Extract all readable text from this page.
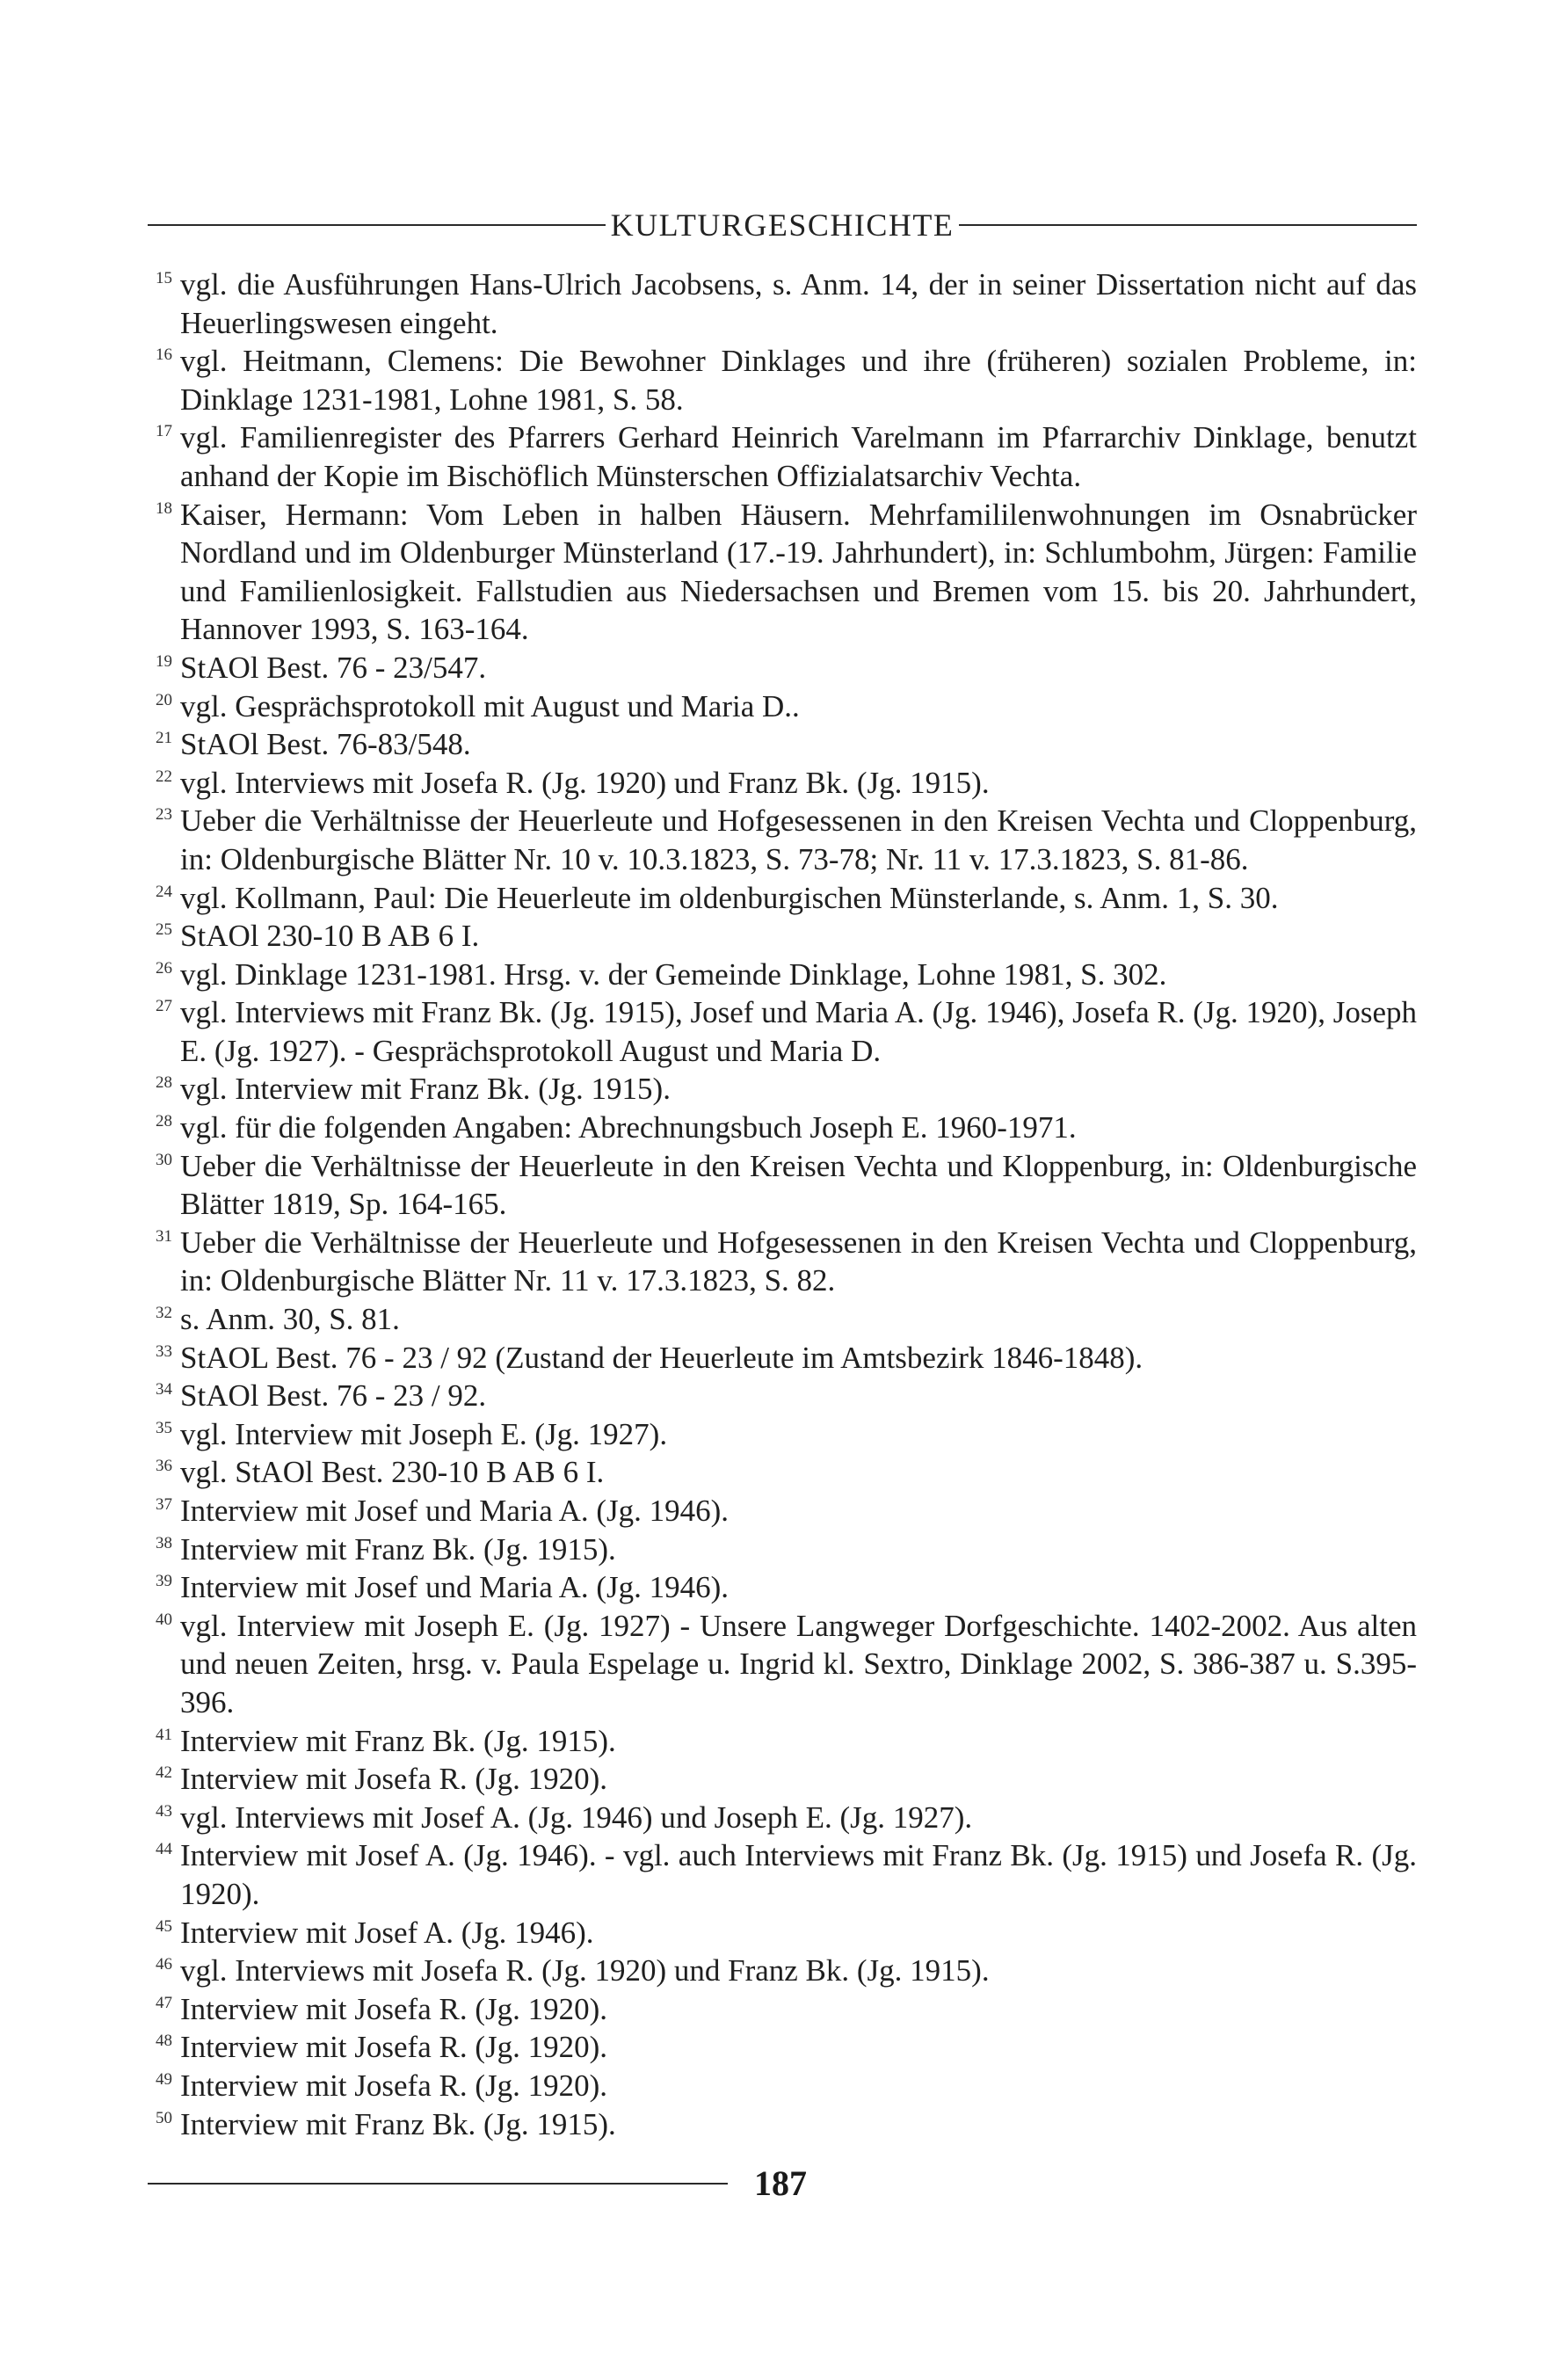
KULTURGESCHICHTE
15 vgl. die Ausführungen Hans-Ulrich Jacobsens, s. Anm. 14, der in seiner Dissertation nicht auf das Heuerlingswesen eingeht.
16 vgl. Heitmann, Clemens: Die Bewohner Dinklages und ihre (früheren) sozialen Probleme, in: Dinklage 1231-1981, Lohne 1981, S. 58.
17 vgl. Familienregister des Pfarrers Gerhard Heinrich Varelmann im Pfarrarchiv Dinklage, benutzt anhand der Kopie im Bischöflich Münsterschen Offizialatsarchiv Vechta.
18 Kaiser, Hermann: Vom Leben in halben Häusern. Mehrfamililenwohnungen im Osnabrücker Nordland und im Oldenburger Münsterland (17.-19. Jahrhundert), in: Schlumbohm, Jürgen: Familie und Familienlosigkeit. Fallstudien aus Niedersachsen und Bremen vom 15. bis 20. Jahrhundert, Hannover 1993, S. 163-164.
19 StAOl Best. 76 - 23/547.
20 vgl. Gesprächsprotokoll mit August und Maria D..
21 StAOl Best. 76-83/548.
22 vgl. Interviews mit Josefa R. (Jg. 1920) und Franz Bk. (Jg. 1915).
23 Ueber die Verhältnisse der Heuerleute und Hofgesessenen in den Kreisen Vechta und Cloppenburg, in: Oldenburgische Blätter Nr. 10 v. 10.3.1823, S. 73-78; Nr. 11 v. 17.3.1823, S. 81-86.
24 vgl. Kollmann, Paul: Die Heuerleute im oldenburgischen Münsterlande, s. Anm. 1, S. 30.
25 StAOl 230-10 B AB 6 I.
26 vgl. Dinklage 1231-1981. Hrsg. v. der Gemeinde Dinklage, Lohne 1981, S. 302.
27 vgl. Interviews mit Franz Bk. (Jg. 1915), Josef und Maria A. (Jg. 1946), Josefa R. (Jg. 1920), Joseph E. (Jg. 1927). - Gesprächsprotokoll August und Maria D.
28 vgl. Interview mit Franz Bk. (Jg. 1915).
28 vgl. für die folgenden Angaben: Abrechnungsbuch Joseph E. 1960-1971.
30 Ueber die Verhältnisse der Heuerleute in den Kreisen Vechta und Kloppenburg, in: Oldenburgische Blätter 1819, Sp. 164-165.
31 Ueber die Verhältnisse der Heuerleute und Hofgesessenen in den Kreisen Vechta und Cloppenburg, in: Oldenburgische Blätter Nr. 11 v. 17.3.1823, S. 82.
32 s. Anm. 30, S. 81.
33 StAOL Best. 76 - 23 / 92 (Zustand der Heuerleute im Amtsbezirk 1846-1848).
34 StAOl Best. 76 - 23 / 92.
35 vgl. Interview mit Joseph E. (Jg. 1927).
36 vgl. StAOl Best. 230-10 B AB 6 I.
37 Interview mit Josef und Maria A. (Jg. 1946).
38 Interview mit Franz Bk. (Jg. 1915).
39 Interview mit Josef und Maria A. (Jg. 1946).
40 vgl. Interview mit Joseph E. (Jg. 1927) - Unsere Langweger Dorfgeschichte. 1402-2002. Aus alten und neuen Zeiten, hrsg. v. Paula Espelage u. Ingrid kl. Sextro, Dinklage 2002, S. 386-387 u. S.395-396.
41 Interview mit Franz Bk. (Jg. 1915).
42 Interview mit Josefa R. (Jg. 1920).
43 vgl. Interviews mit Josef A. (Jg. 1946) und Joseph E. (Jg. 1927).
44 Interview mit Josef A. (Jg. 1946). - vgl. auch Interviews mit Franz Bk. (Jg. 1915) und Josefa R. (Jg. 1920).
45 Interview mit Josef A. (Jg. 1946).
46 vgl. Interviews mit Josefa R. (Jg. 1920) und Franz Bk. (Jg. 1915).
47 Interview mit Josefa R. (Jg. 1920).
48 Interview mit Josefa R. (Jg. 1920).
49 Interview mit Josefa R. (Jg. 1920).
50 Interview mit Franz Bk. (Jg. 1915).
187
